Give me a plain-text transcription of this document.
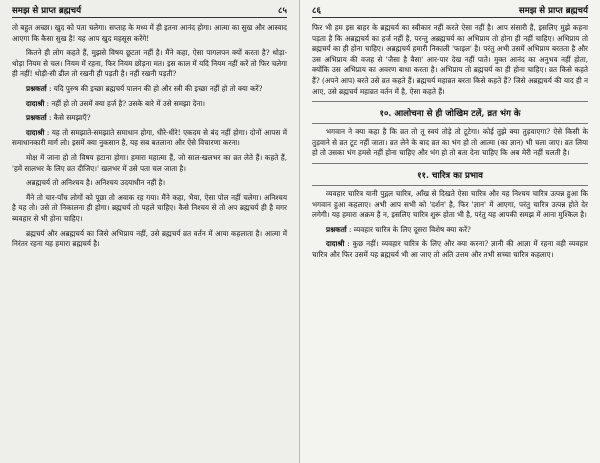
समझ से प्राप्त ब्रह्मचर्य	८५

तो बहुत अच्छा। खुद को पता चलेगा। सप्ताह के मध्य में ही इतना आनंद होगा। आत्मा का सुख और आस्वाद आएगा कि कैसा सुख है! यह आप खुद महसूस करेंगे!

कितने ही लोग कहते हैं, मुझसे विषय छूटता नहीं है। मैंने कहा, ऐसा पागलपन क्यों करता है? थोड़ा-थोड़ा नियम से चल। नियम में रहना, फिर नियम छोड़ना मत। इस काल में यदि नियम नहीं करें तो फिर चलेगा ही नहीं! थोड़ी-सी ढील तो रखनी ही पड़ती है। नहीं रखनी पड़ती?

प्रश्नकर्ता : यदि पुरुष की इच्छा ब्रह्मचर्य पालन की हो और स्त्री की इच्छा नहीं हो तो क्या करें?

दादाश्री : नहीं हो तो उसमें क्या हर्ज है? उसके बारे में उसे समझा देना।

प्रश्नकर्ता : कैसे समझाएँ?

दादाश्री : यह तो समझाते-समझाते समाधान होगा, धीरे-धीरे! एकदम से बंद नहीं होगा। दोनों आपस में समाधानकारी मार्ग लो। इसमें क्या नुकसान है, यह सब बतलाना और ऐसे विचारणा करना।

मोक्ष में जाना हो तो विषय हटाना होगा। हमारा महात्मा हैं, जो साल-खलभर का व्रत लेते हैं। कहते हैं, 'हमें सालभर के लिए व्रत दीजिए।' खलभर में उसे पता चल जाता है।

अब्रह्मचर्य तो अनिश्चय है। अनिश्चय उदयाधीन नहीं है।

मैंने तो चार-पाँच लोगों को पूछा तो अवाक रह गया। मैंने कहा, भैया, ऐसा पोल नहीं चलेगा। अनिश्चय है यह तो। उसे तो निकालना ही होगा। ब्रह्मचर्य तो पहले चाहिए। कैसे निश्चय से तो अप ब्रह्मचर्य ही है मगर ब्यवहार से भी होना चाहिए।

ब्रह्मचर्य और अब्रह्मचर्य का जिसे अभिप्राय नहीं, उसे ब्रह्मचर्य व्रत वर्तन में आया कहलाता है। आत्मा में निरंतर रहना यह हमारा ब्रह्मचर्य है।

८६	समझ से प्राप्त ब्रह्मचर्य

फिर भी हम इस बाहर के ब्रह्मचर्य का स्वीकार नहीं करते ऐसा नहीं है। आप संसारी हैं, इसलिए मुझे कहना पड़ता है कि अब्रह्मचर्य का हर्ज नहीं है, परन्तु अब्रह्मचर्य का अभिप्राय तो होना ही नहीं चाहिए। अभिप्राय तो ब्रह्मचर्य का ही होना चाहिए। अब्रह्मचर्य हमारी निकाली 'फाइल' है। परंतु अभी उसमें अभिप्राय बरतता है और उस अभिप्राय की वजह से 'जैसा है वैसा' आर-पार देख नहीं पाते। मुक्त आनंद का अनुभव नहीं होता, क्योंकि उस अभिप्राय का अवरण बाधा करता है। अभिप्राय तो ब्रह्मचर्य का ही होना चाहिए। व्रत किसे कहते हैं? (अपने आप) बरते उसे व्रत कहते हैं। ब्रह्मचर्य महाव्रत बरता किसे कहते हैं? जिसे अब्रह्मचर्य की याद ही न आए, उसे ब्रह्मचर्य महाव्रत वर्तन में है, ऐसा कहते हैं।

१०. आलोचना से ही जोखिम टलें, व्रत भंग के

भगवान ने क्या कहा है कि व्रत तो तू स्वयं तोड़े तो टूटेगा। कोई तुझे क्या तुड़वाएगा? ऐसे किसी के तुड़वाने से व्रत टूट नहीं जाता। व्रत लेने के बाद व्रत का भंग हो तो आत्मा (का ज्ञान) भी चला जाए। व्रत लिया हो तो उसका भंग हमसे नहीं होना चाहिए और भंग हो तो बता देना चाहिए कि अब मेरी नहीं चलती है।

११. चारित्र का प्रभाव

व्यवहार चारित्र यानी पुद्गल चारित्र, आँख से दिखते ऐसा चारित्र और यह निश्चय चारित्र उत्पन्न हुआ कि भगवान हुआ कहलाए। अभी आप सभी को 'दर्शन' है, फिर 'ज्ञान' में आएगा, परंतु चारित्र उत्पन्न होते देर लगेगी। यह हमारा अक्रम है न, इसलिए चारित्र शुरू होता भी है, परंतु यह आपकी समझ में आना मुश्किल है।

प्रश्नकर्ता : व्यवहार चारित्र के लिए दूसरा विशेष क्या करें?

दादाश्री : कुछ नहीं। व्यवहार चारित्र के लिए और क्या करना? ज्ञानी की आज्ञा में रहना वही व्यवहार चारित्र और फिर उसमें यह ब्रह्मचर्य भी आ जाए तो अति उत्तम और तभी सच्चा चारित्र कहलाए।
